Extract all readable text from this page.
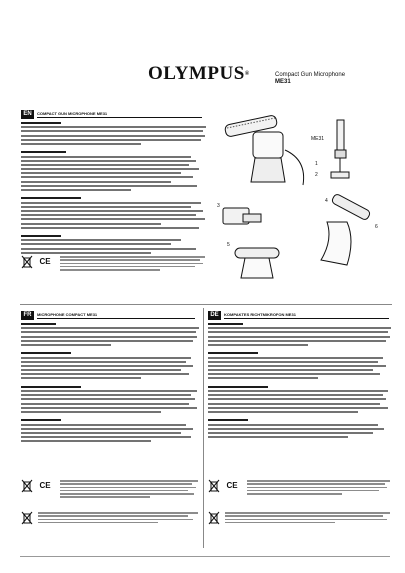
OLYMPUS®	Compact Gun Microphone
ME31
EN	COMPACT GUN MICROPHONE ME31
CE
ME31
1
2
3
4
5
6
FR	MICROPHONE COMPACT ME31
CE
DE	KOMPAKTES RICHTMIKROFON ME31
CE
